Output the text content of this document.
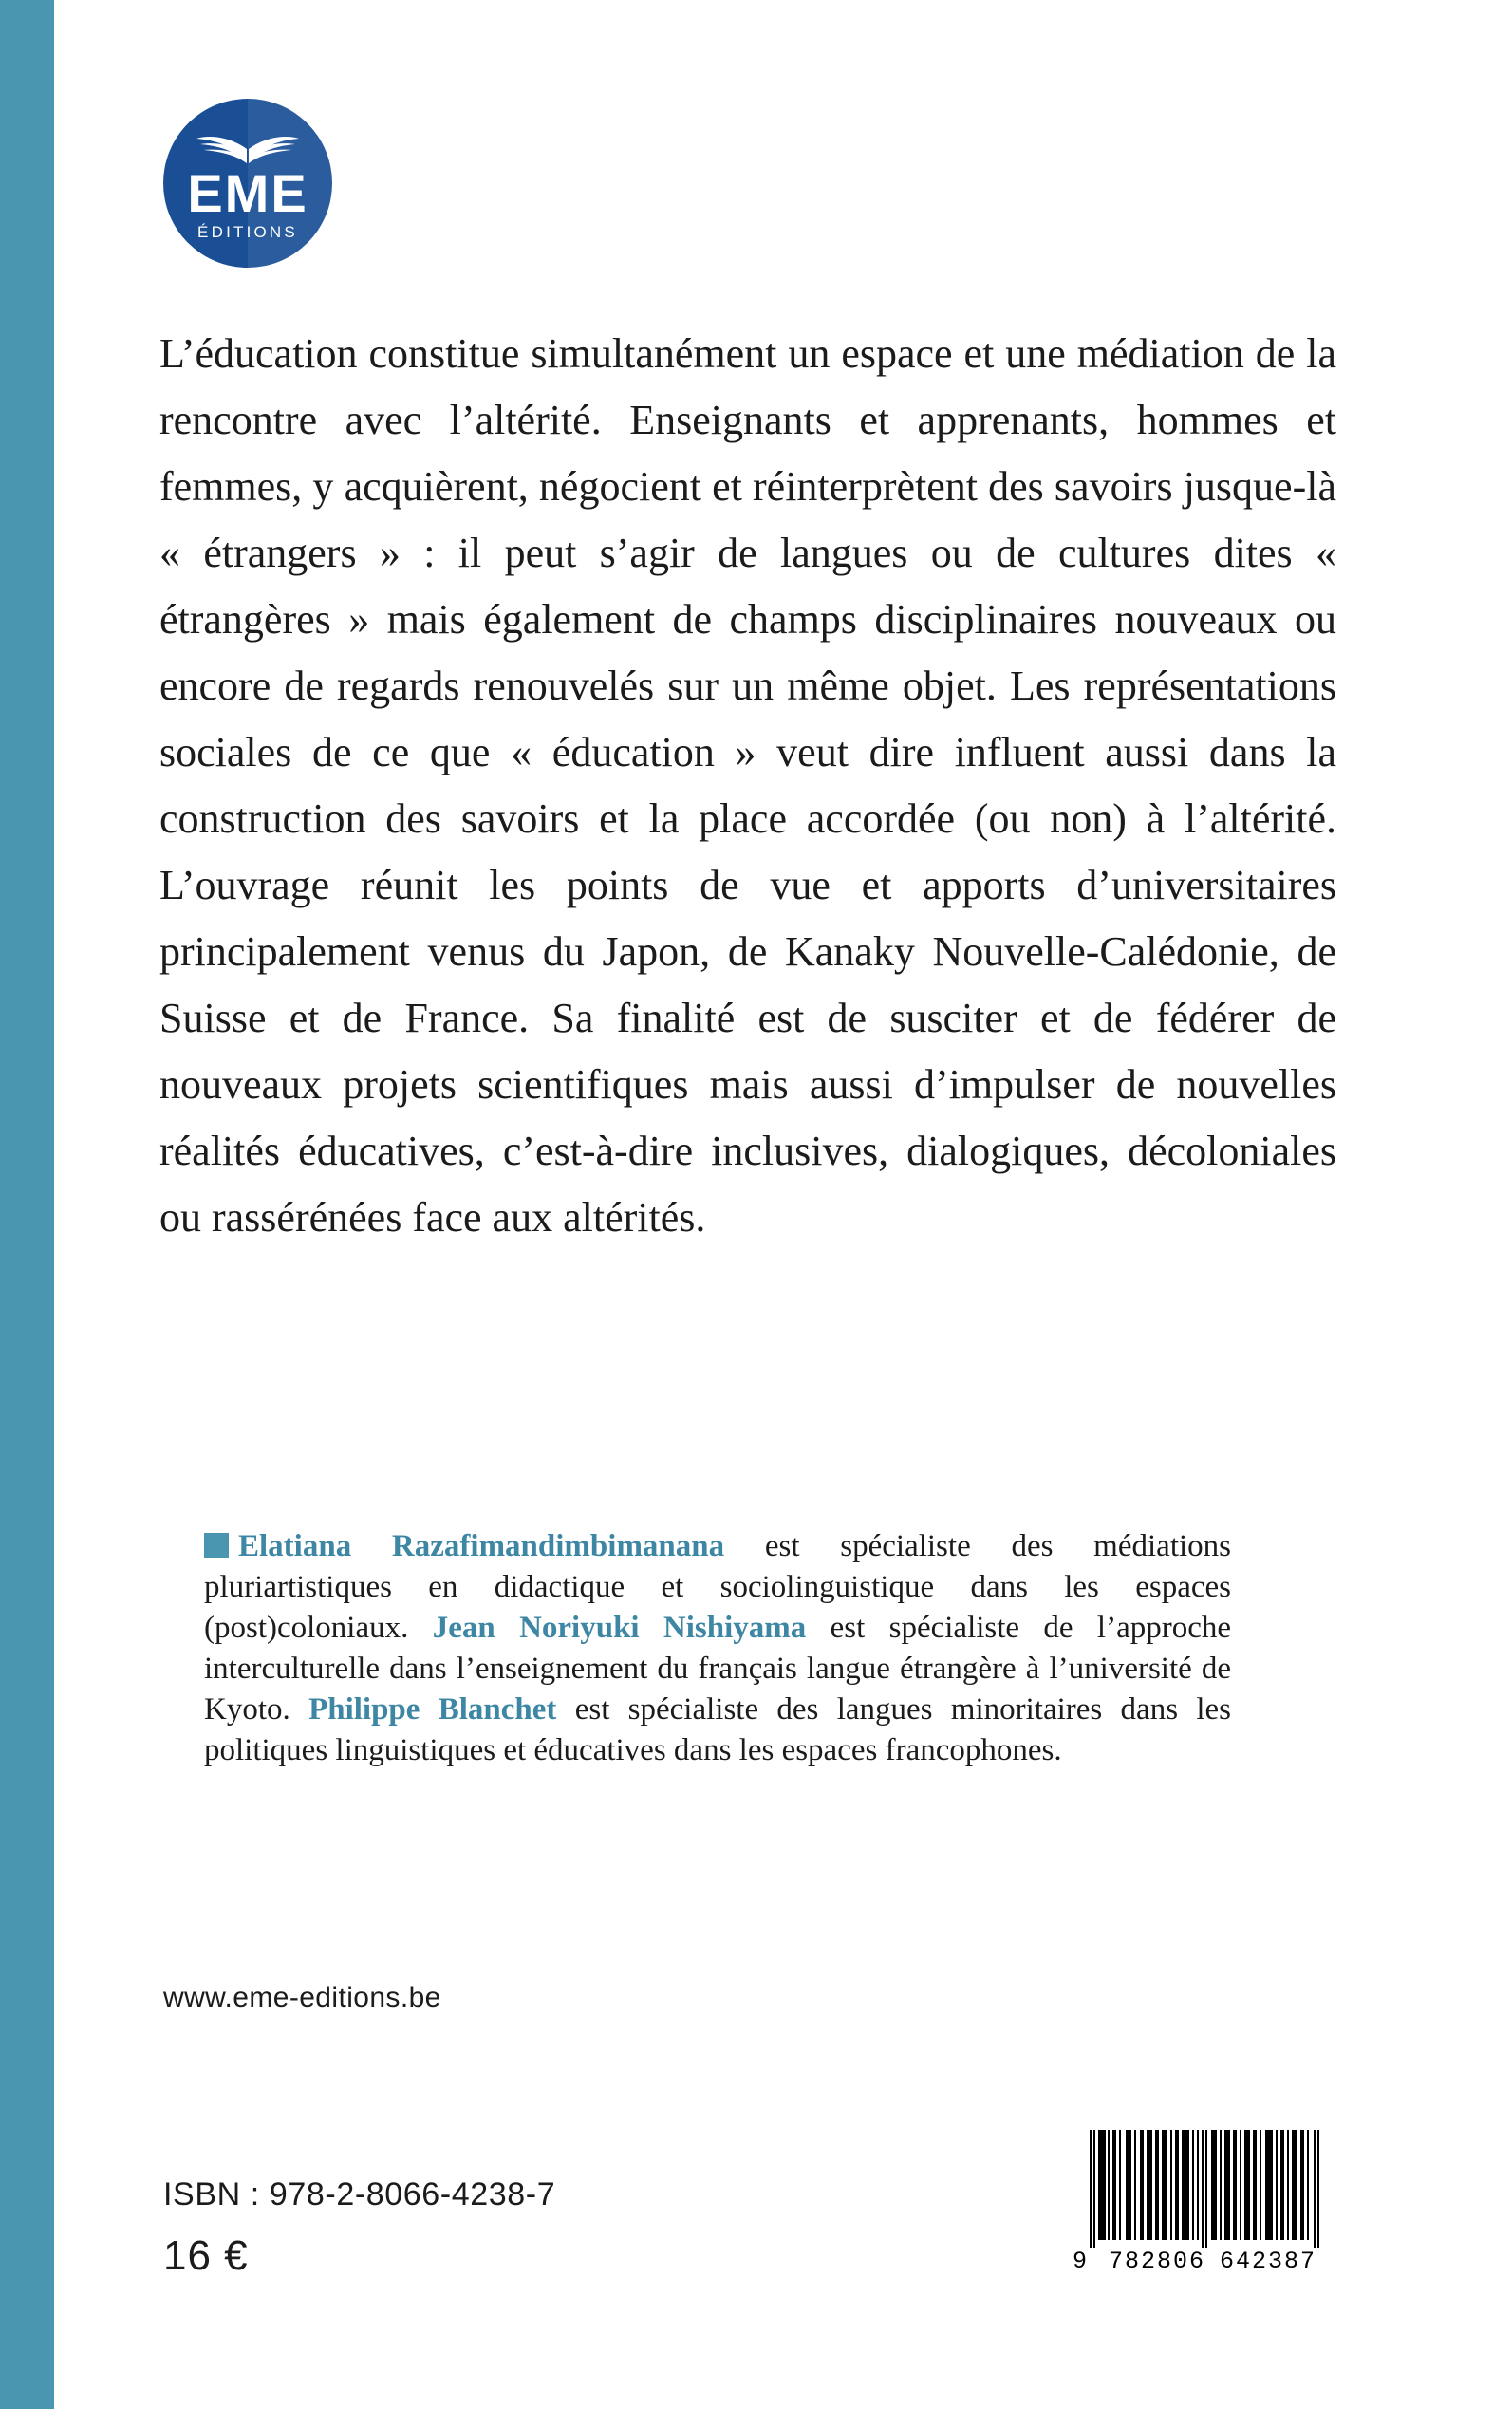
EME
ÉDITIONS
L’éducation constitue simultanément un espace et une médiation de la rencontre avec l’altérité. Enseignants et apprenants, hommes et femmes, y acquièrent, négocient et réinterprètent des savoirs jusque-là « étrangers » : il peut s’agir de langues ou de cultures dites « étrangères » mais également de champs disciplinaires nouveaux ou encore de regards renouvelés sur un même objet. Les représentations sociales de ce que « éducation » veut dire influent aussi dans la construction des savoirs et la place accordée (ou non) à l’altérité. L’ouvrage réunit les points de vue et apports d’universitaires principalement venus du Japon, de Kanaky Nouvelle-Calédonie, de Suisse et de France. Sa finalité est de susciter et de fédérer de nouveaux projets scientifiques mais aussi d’impulser de nouvelles réalités éducatives, c’est-à-dire inclusives, dialogiques, décoloniales ou rassérénées face aux altérités.
Elatiana Razafimandimbimanana est spécialiste des médiations pluriartistiques en didactique et sociolinguistique dans les espaces (post)coloniaux. Jean Noriyuki Nishiyama est spécialiste de l’approche interculturelle dans l’enseignement du français langue étrangère à l’université de Kyoto. Philippe Blanchet est spécialiste des langues minoritaires dans les politiques linguistiques et éducatives dans les espaces francophones.
www.eme-editions.be
ISBN : 978-2-8066-4238-7
16 €	9 782806 642387
